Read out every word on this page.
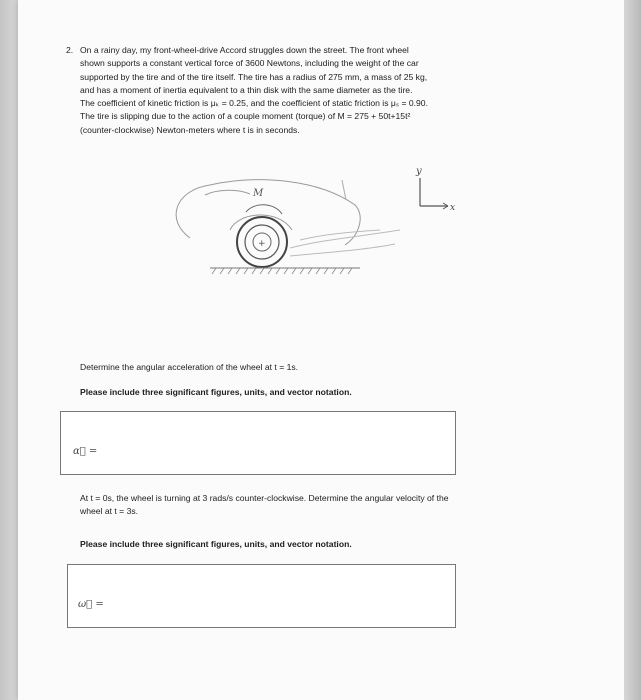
2. On a rainy day, my front-wheel-drive Accord struggles down the street. The front wheel
shown supports a constant vertical force of 3600 Newtons, including the weight of the car
supported by the tire and of the tire itself. The tire has a radius of 275 mm, a mass of 25 kg,
and has a moment of inertia equivalent to a thin disk with the same diameter as the tire.
The coefficient of kinetic friction is μₖ = 0.25, and the coefficient of static friction is μₛ = 0.90.
The tire is slipping due to the action of a couple moment (torque) of M = 275 + 50t+15t²
(counter-clockwise) Newton-meters where t is in seconds.
+
M
y
x
Determine the angular acceleration of the wheel at t = 1s.
Please include three significant figures, units, and vector notation.
α⃗ =
At t = 0s, the wheel is turning at 3 rads/s counter-clockwise. Determine the angular velocity of the
wheel at t = 3s.
Please include three significant figures, units, and vector notation.
ω⃗ =
